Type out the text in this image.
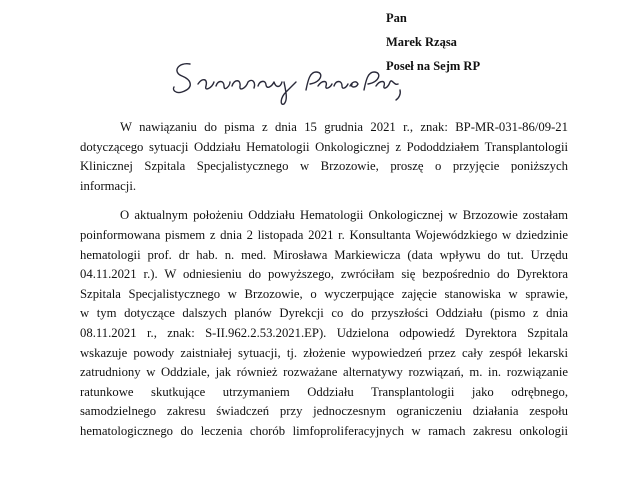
Pan
Marek Rząsa
Poseł na Sejm RP

W nawiązaniu do pisma z dnia 15 grudnia 2021 r., znak: BP-MR-031-86/09-21
dotyczącego sytuacji Oddziału Hematologii Onkologicznej z Pododdziałem Transplantologii
Klinicznej Szpitala Specjalistycznego w Brzozowie, proszę o przyjęcie poniższych
informacji.

O aktualnym położeniu Oddziału Hematologii Onkologicznej w Brzozowie zostałam
poinformowana pismem z dnia 2 listopada 2021 r. Konsultanta Wojewódzkiego w dziedzinie
hematologii prof. dr hab. n. med. Mirosława Markiewicza (data wpływu do tut. Urzędu
04.11.2021 r.). W odniesieniu do powyższego, zwróciłam się bezpośrednio do Dyrektora
Szpitala Specjalistycznego w Brzozowie, o wyczerpujące zajęcie stanowiska w sprawie,
w tym dotyczące dalszych planów Dyrekcji co do przyszłości Oddziału (pismo z dnia
08.11.2021 r., znak: S-II.962.2.53.2021.EP). Udzielona odpowiedź Dyrektora Szpitala
wskazuje powody zaistniałej sytuacji, tj. złożenie wypowiedzeń przez cały zespół lekarski
zatrudniony w Oddziale, jak również rozważane alternatywy rozwiązań, m. in. rozwiązanie
ratunkowe skutkujące utrzymaniem Oddziału Transplantologii jako odrębnego,
samodzielnego zakresu świadczeń przy jednoczesnym ograniczeniu działania zespołu
hematologicznego do leczenia chorób limfoproliferacyjnych w ramach zakresu onkologii
